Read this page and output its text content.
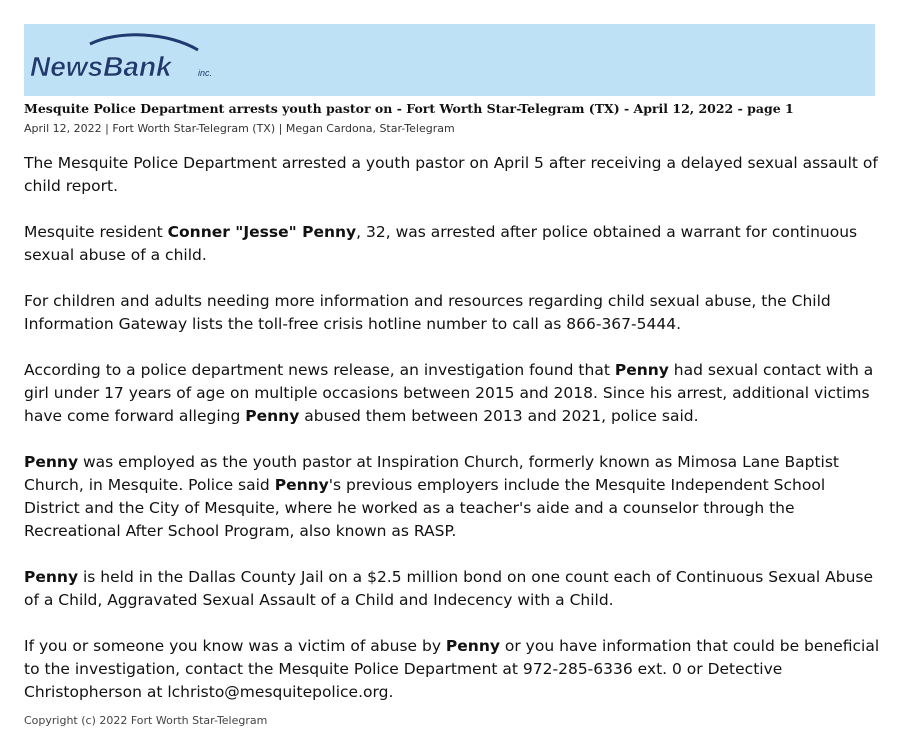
NewsBank	inc.
Mesquite Police Department arrests youth pastor on - Fort Worth Star-Telegram (TX) - April 12, 2022 - page 1
April 12, 2022 | Fort Worth Star-Telegram (TX) | Megan Cardona, Star-Telegram

The Mesquite Police Department arrested a youth pastor on April 5 after receiving a delayed sexual assault of child report.

Mesquite resident Conner "Jesse" Penny, 32, was arrested after police obtained a warrant for continuous sexual abuse of a child.

For children and adults needing more information and resources regarding child sexual abuse, the Child Information Gateway lists the toll-free crisis hotline number to call as 866-367-5444.

According to a police department news release, an investigation found that Penny had sexual contact with a girl under 17 years of age on multiple occasions between 2015 and 2018. Since his arrest, additional victims have come forward alleging Penny abused them between 2013 and 2021, police said.

Penny was employed as the youth pastor at Inspiration Church, formerly known as Mimosa Lane Baptist Church, in Mesquite. Police said Penny's previous employers include the Mesquite Independent School District and the City of Mesquite, where he worked as a teacher's aide and a counselor through the Recreational After School Program, also known as RASP.

Penny is held in the Dallas County Jail on a $2.5 million bond on one count each of Continuous Sexual Abuse of a Child, Aggravated Sexual Assault of a Child and Indecency with a Child.

If you or someone you know was a victim of abuse by Penny or you have information that could be beneficial to the investigation, contact the Mesquite Police Department at 972-285-6336 ext. 0 or Detective Christopherson at lchristo@mesquitepolice.org.

Copyright (c) 2022 Fort Worth Star-Telegram
